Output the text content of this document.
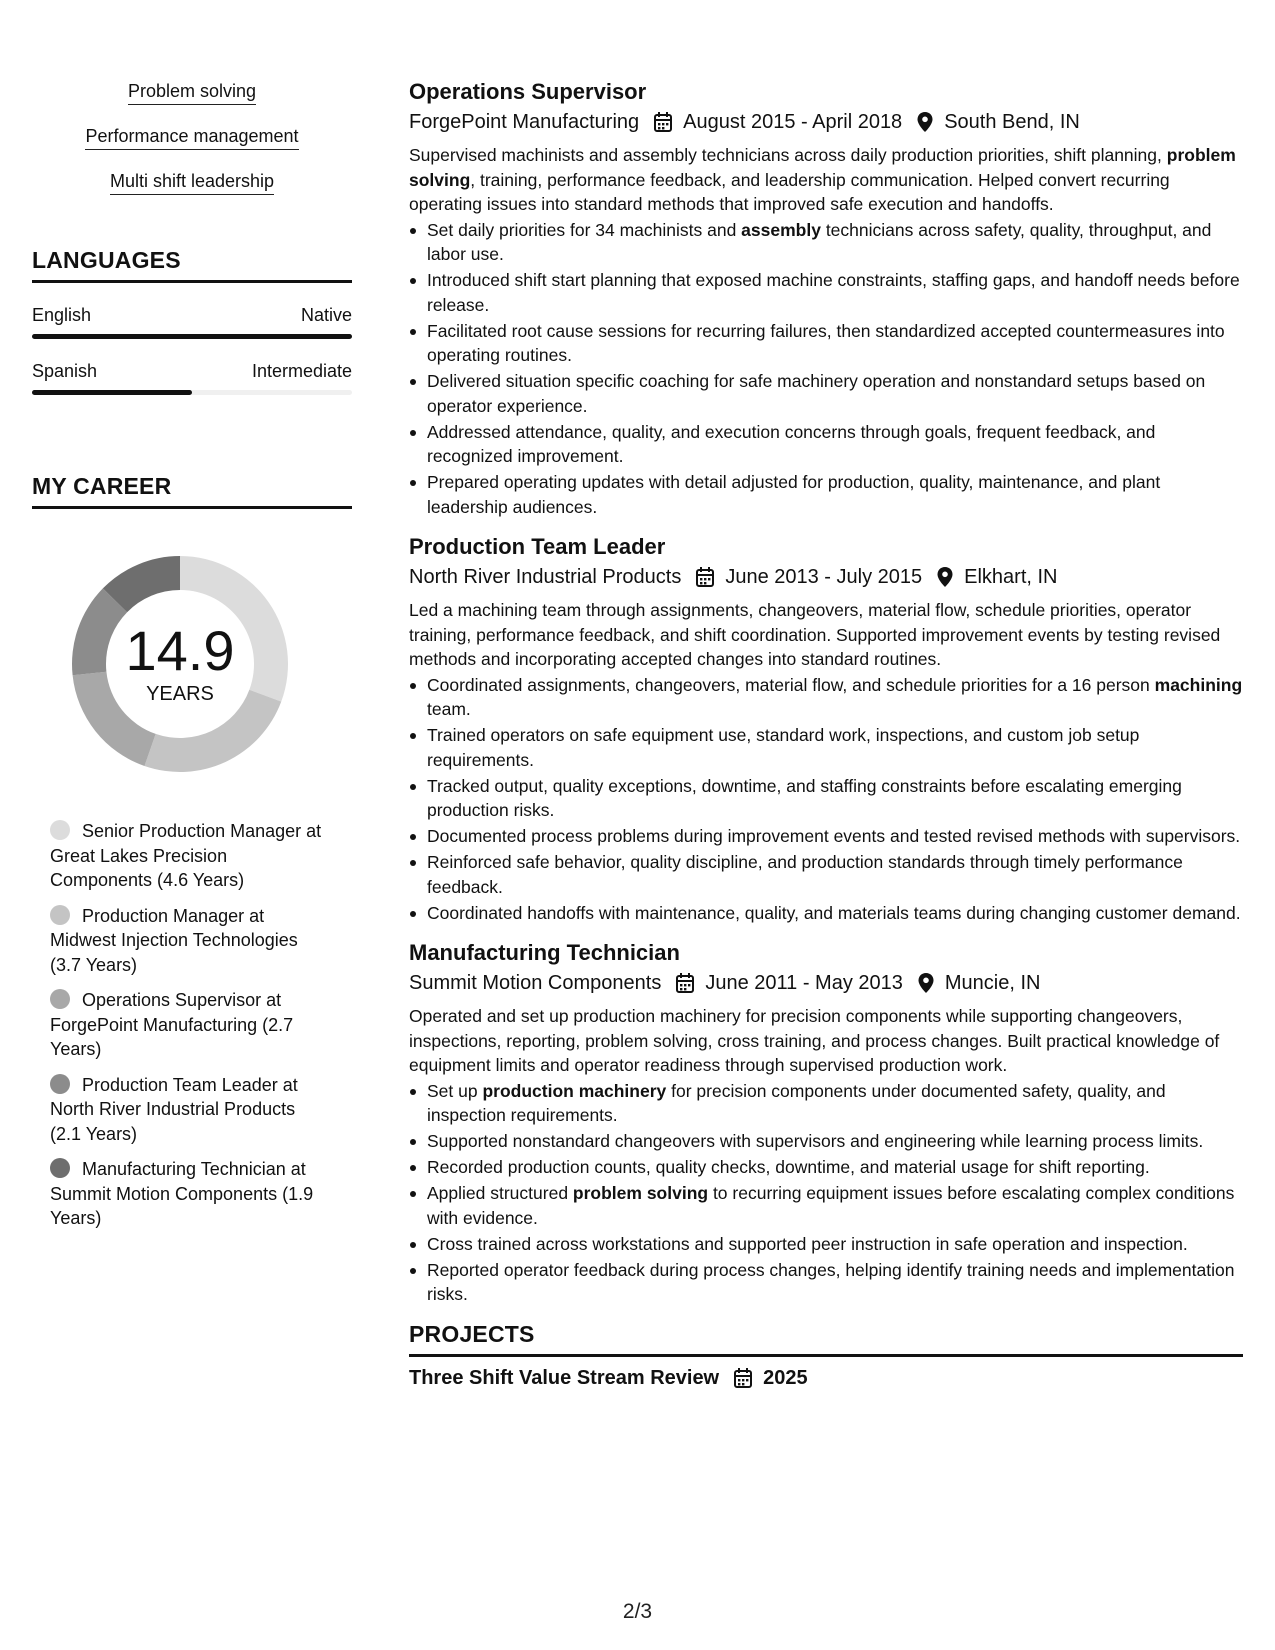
Problem solving
Performance management
Multi shift leadership
LANGUAGES
English	Native
Spanish	Intermediate
MY CAREER
14.9
YEARS
Senior Production Manager at Great Lakes Precision Components (4.6 Years)
Production Manager at Midwest Injection Technologies (3.7 Years)
Operations Supervisor at ForgePoint Manufacturing (2.7 Years)
Production Team Leader at North River Industrial Products (2.1 Years)
Manufacturing Technician at Summit Motion Components (1.9 Years)
Operations Supervisor
ForgePoint Manufacturing August 2015 - April 2018 South Bend, IN
Supervised machinists and assembly technicians across daily production priorities, shift planning, problem solving, training, performance feedback, and leadership communication. Helped convert recurring operating issues into standard methods that improved safe execution and handoffs.
Set daily priorities for 34 machinists and assembly technicians across safety, quality, throughput, and labor use.
Introduced shift start planning that exposed machine constraints, staffing gaps, and handoff needs before release.
Facilitated root cause sessions for recurring failures, then standardized accepted countermeasures into operating routines.
Delivered situation specific coaching for safe machinery operation and nonstandard setups based on operator experience.
Addressed attendance, quality, and execution concerns through goals, frequent feedback, and recognized improvement.
Prepared operating updates with detail adjusted for production, quality, maintenance, and plant leadership audiences.
Production Team Leader
North River Industrial Products June 2013 - July 2015 Elkhart, IN
Led a machining team through assignments, changeovers, material flow, schedule priorities, operator training, performance feedback, and shift coordination. Supported improvement events by testing revised methods and incorporating accepted changes into standard routines.
Coordinated assignments, changeovers, material flow, and schedule priorities for a 16 person machining team.
Trained operators on safe equipment use, standard work, inspections, and custom job setup requirements.
Tracked output, quality exceptions, downtime, and staffing constraints before escalating emerging production risks.
Documented process problems during improvement events and tested revised methods with supervisors.
Reinforced safe behavior, quality discipline, and production standards through timely performance feedback.
Coordinated handoffs with maintenance, quality, and materials teams during changing customer demand.
Manufacturing Technician
Summit Motion Components June 2011 - May 2013 Muncie, IN
Operated and set up production machinery for precision components while supporting changeovers, inspections, reporting, problem solving, cross training, and process changes. Built practical knowledge of equipment limits and operator readiness through supervised production work.
Set up production machinery for precision components under documented safety, quality, and inspection requirements.
Supported nonstandard changeovers with supervisors and engineering while learning process limits.
Recorded production counts, quality checks, downtime, and material usage for shift reporting.
Applied structured problem solving to recurring equipment issues before escalating complex conditions with evidence.
Cross trained across workstations and supported peer instruction in safe operation and inspection.
Reported operator feedback during process changes, helping identify training needs and implementation risks.
PROJECTS
Three Shift Value Stream Review 2025
2/3
